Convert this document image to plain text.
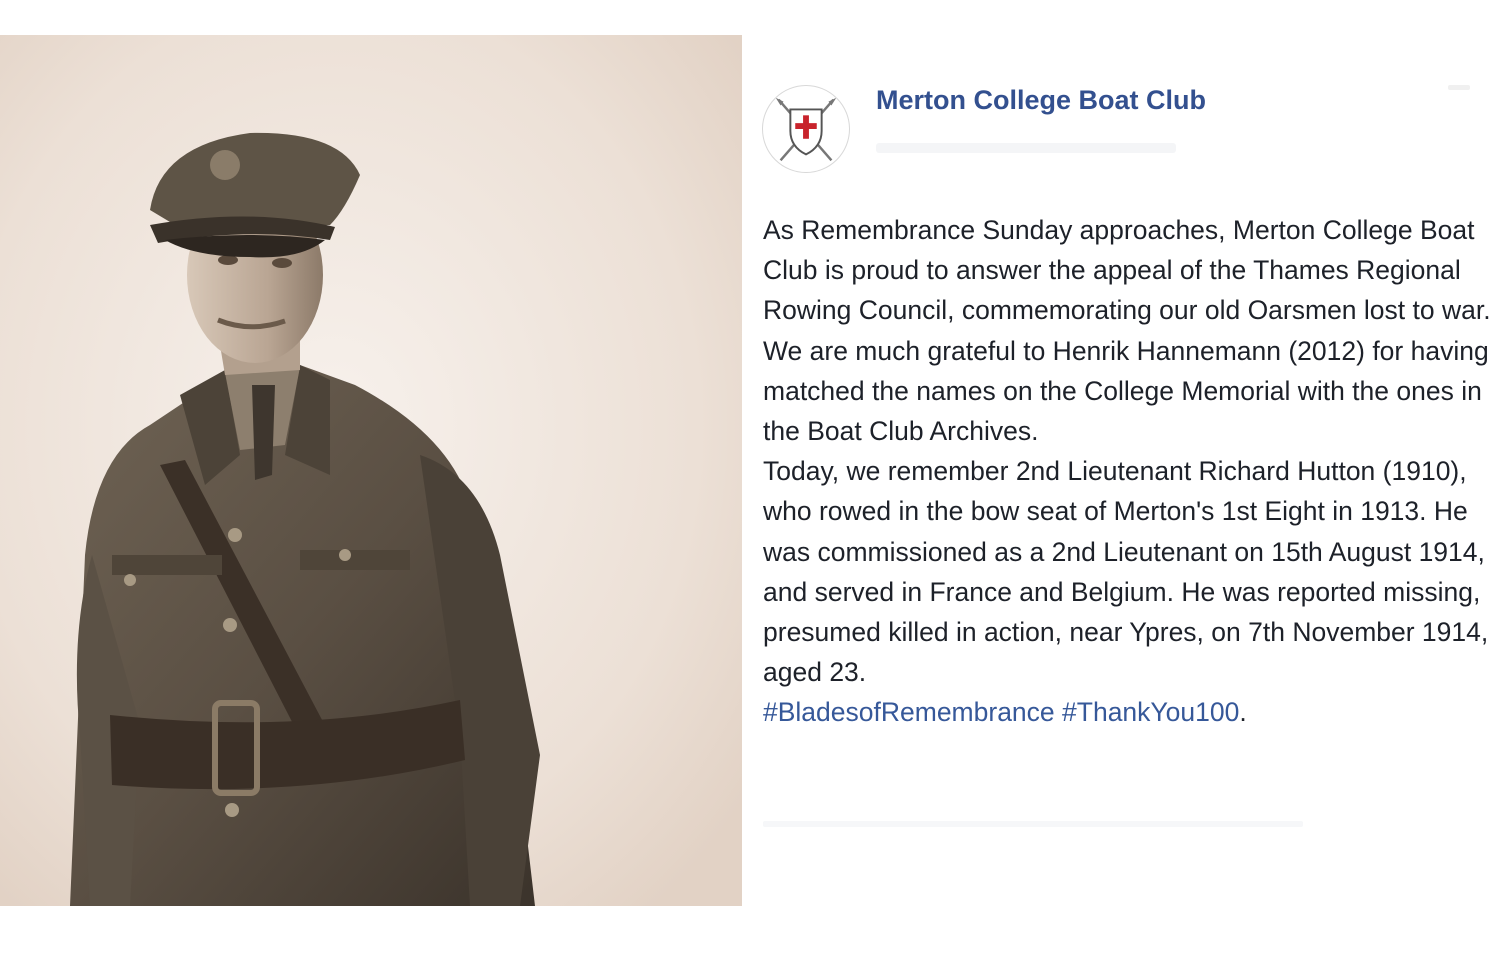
Merton College Boat Club

As Remembrance Sunday approaches, Merton College Boat Club is proud to answer the appeal of the Thames Regional Rowing Council, commemorating our old Oarsmen lost to war. We are much grateful to Henrik Hannemann (2012) for having matched the names on the College Memorial with the ones in the Boat Club Archives.

Today, we remember 2nd Lieutenant Richard Hutton (1910), who rowed in the bow seat of Merton's 1st Eight in 1913. He was commissioned as a 2nd Lieutenant on 15th August 1914, and served in France and Belgium. He was reported missing, presumed killed in action, near Ypres, on 7th November 1914, aged 23.

#BladesofRemembrance #ThankYou100.
